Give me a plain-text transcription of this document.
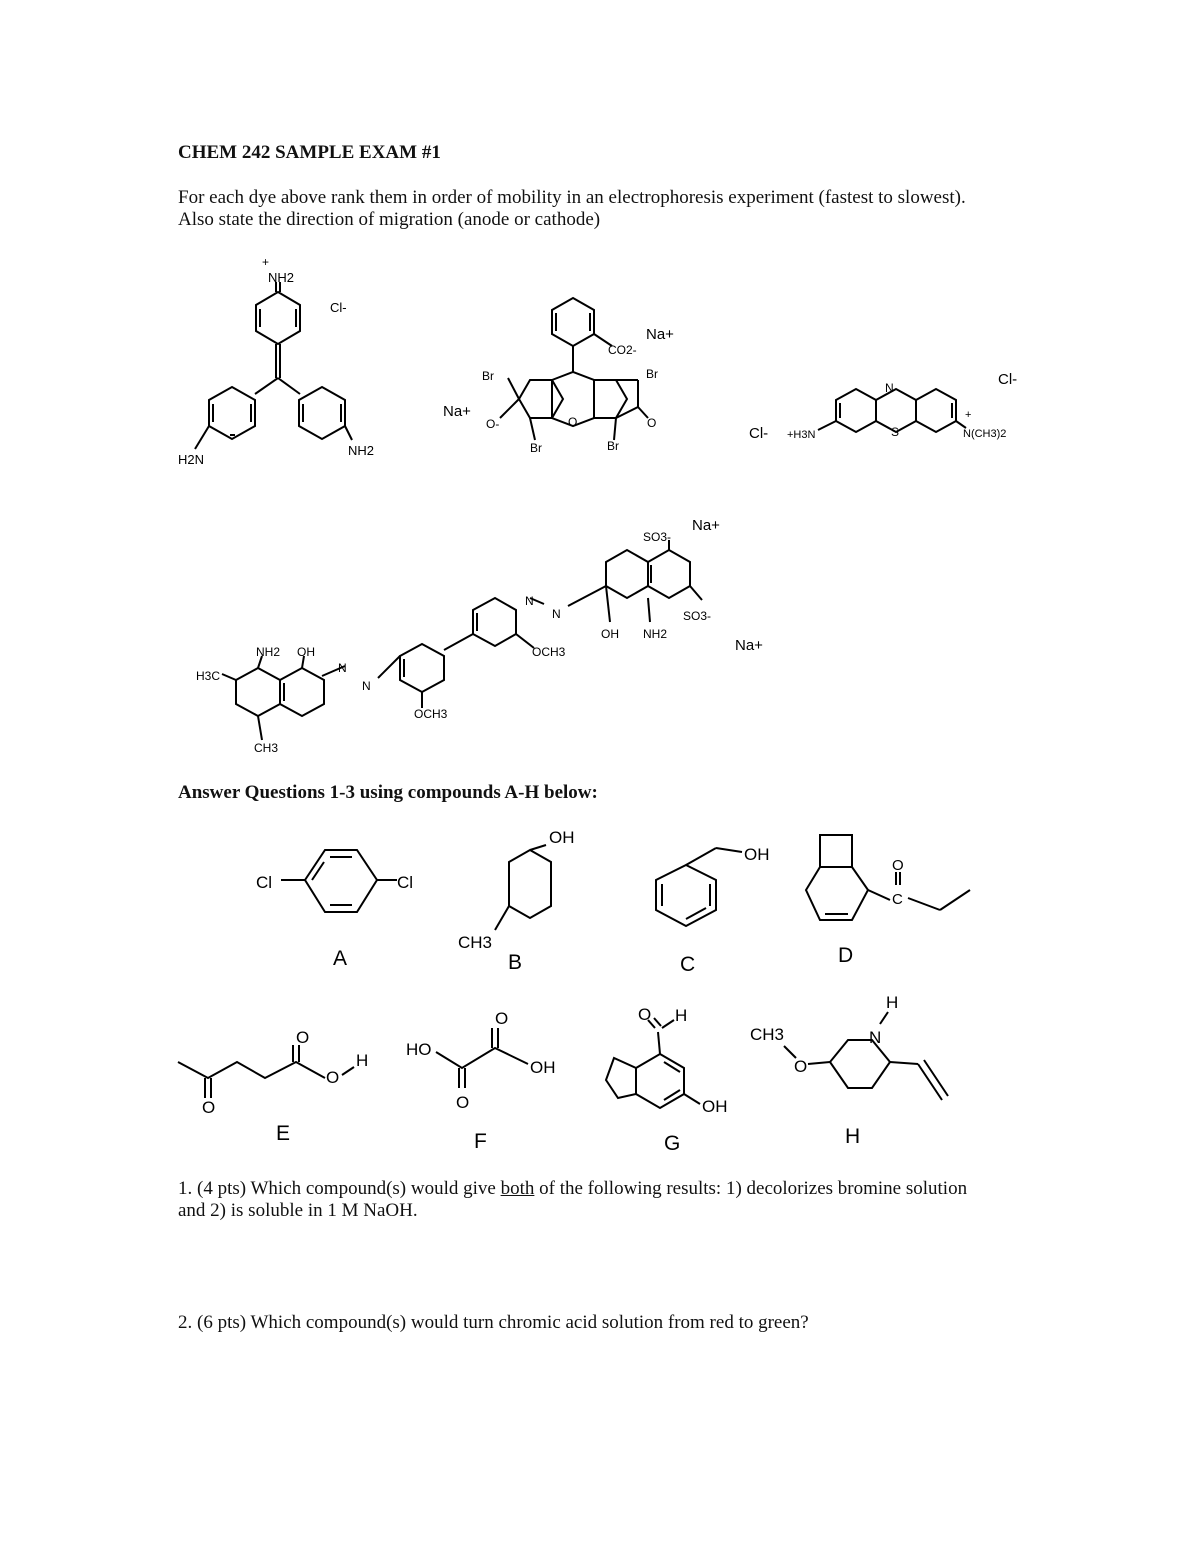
CHEM 242 SAMPLE EXAM #1
For each dye above rank them in order of mobility in an electrophoresis experiment (fastest to slowest).
Also state the direction of migration (anode or cathode)
+
NH2
Cl-
H2N
NH2
Na+
Na+
O-
CO2-
Br	Br
Br	Br
O	O
Cl- +H3N
N
S
+
N(CH3)2
Cl-
SO3-
Na+
SO3-
Na+
N
N
OCH3
OH NH2
NH2 OH
H3C
N
N
OCH3
CH3
Cl	Cl
A
OH
CH3
B
OH
C
O
C
D
O
O
O
H
E
HO
O
O
OH
F
O H
OH
G
CH3
O
N
H
H
Answer Questions 1-3 using compounds A-H below:
1. (4 pts) Which compound(s) would give both of the following results: 1) decolorizes bromine solution
and 2) is soluble in 1 M NaOH.
2. (6 pts) Which compound(s) would turn chromic acid solution from red to green?
